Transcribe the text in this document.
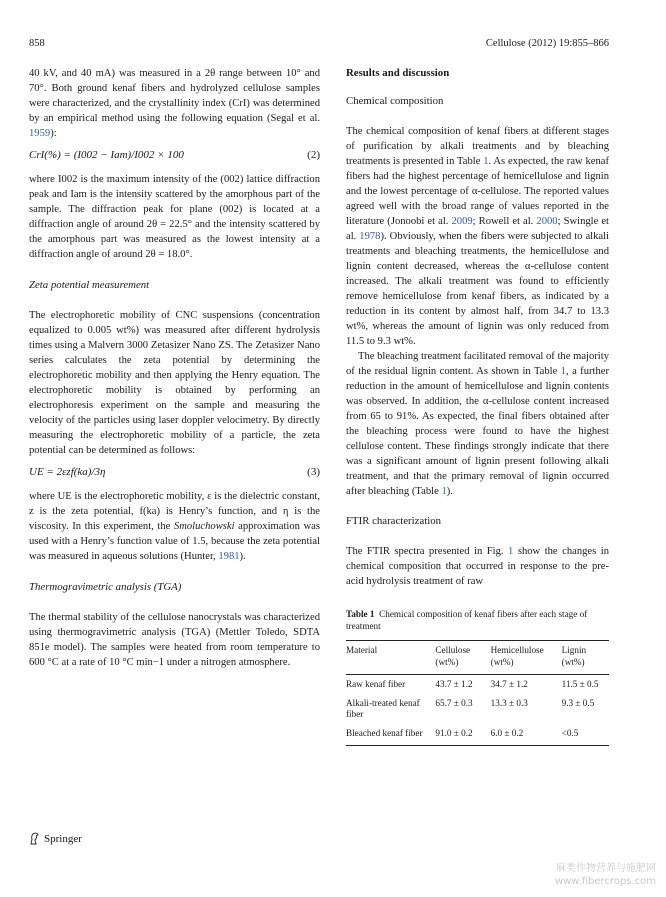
858	Cellulose (2012) 19:855–866

40 kV, and 40 mA) was measured in a 2θ range between 10° and 70°. Both ground kenaf fibers and hydrolyzed cellulose samples were characterized, and the crystallinity index (CrI) was determined by an empirical method using the following equation (Segal et al. 1959):

CrI(%) = (I002 − Iam)/I002 × 100	(2)

where I002 is the maximum intensity of the (002) lattice diffraction peak and Iam is the intensity scattered by the amorphous part of the sample. The diffraction peak for plane (002) is located at a diffraction angle of around 2θ = 22.5° and the intensity scattered by the amorphous part was measured as the lowest intensity at a diffraction angle of around 2θ = 18.0°.

Zeta potential measurement

The electrophoretic mobility of CNC suspensions (concentration equalized to 0.005 wt%) was measured after different hydrolysis times using a Malvern 3000 Zetasizer Nano ZS. The Zetasizer Nano series calculates the zeta potential by determining the electrophoretic mobility and then applying the Henry equation. The electrophoretic mobility is obtained by performing an electrophoresis experiment on the sample and measuring the velocity of the particles using laser doppler velocimetry. By directly measuring the electrophoretic mobility of a particle, the zeta potential can be determined as follows:

UE = 2εzf(ka)/3η	(3)

where UE is the electrophoretic mobility, ε is the dielectric constant, z is the zeta potential, f(ka) is Henry’s function, and η is the viscosity. In this experiment, the Smoluchowski approximation was used with a Henry’s function value of 1.5, because the zeta potential was measured in aqueous solutions (Hunter, 1981).

Thermogravimetric analysis (TGA)

The thermal stability of the cellulose nanocrystals was characterized using thermogravimetric analysis (TGA) (Mettler Toledo, SDTA 851e model). The samples were heated from room temperature to 600 °C at a rate of 10 °C min−1 under a nitrogen atmosphere.

Results and discussion
Chemical composition

The chemical composition of kenaf fibers at different stages of purification by alkali treatments and by bleaching treatments is presented in Table 1. As expected, the raw kenaf fibers had the highest percentage of hemicellulose and lignin and the lowest percentage of α-cellulose. The reported values agreed well with the broad range of values reported in the literature (Jonoobi et al. 2009; Rowell et al. 2000; Swingle et al. 1978). Obviously, when the fibers were subjected to alkali treatments and bleaching treatments, the hemicellulose and lignin content decreased, whereas the α-cellulose content increased. The alkali treatment was found to efficiently remove hemicellulose from kenaf fibers, as indicated by a reduction in its content by almost half, from 34.7 to 13.3 wt%, whereas the amount of lignin was only reduced from 11.5 to 9.3 wt%.

The bleaching treatment facilitated removal of the majority of the residual lignin content. As shown in Table 1, a further reduction in the amount of hemicellulose and lignin contents was observed. In addition, the α-cellulose content increased from 65 to 91%. As expected, the final fibers obtained after the bleaching process were found to have the highest cellulose content. These findings strongly indicate that there was a significant amount of lignin present following alkali treatment, and that the primary removal of lignin occurred after bleaching (Table 1).

FTIR characterization

The FTIR spectra presented in Fig. 1 show the changes in chemical composition that occurred in response to the pre-acid hydrolysis treatment of raw

Table 1 Chemical composition of kenaf fibers after each stage of treatment
Material	Cellulose (wt%)	Hemicellulose (wt%)	Lignin (wt%)
Raw kenaf fiber	43.7 ± 1.2	34.7 ± 1.2	11.5 ± 0.5
Alkali-treated kenaf fiber	65.7 ± 0.3	13.3 ± 0.3	9.3 ± 0.5
Bleached kenaf fiber	91.0 ± 0.2	6.0 ± 0.2	<0.5
Springer
麻类作物营养与施肥网
www.fibercrops.com
